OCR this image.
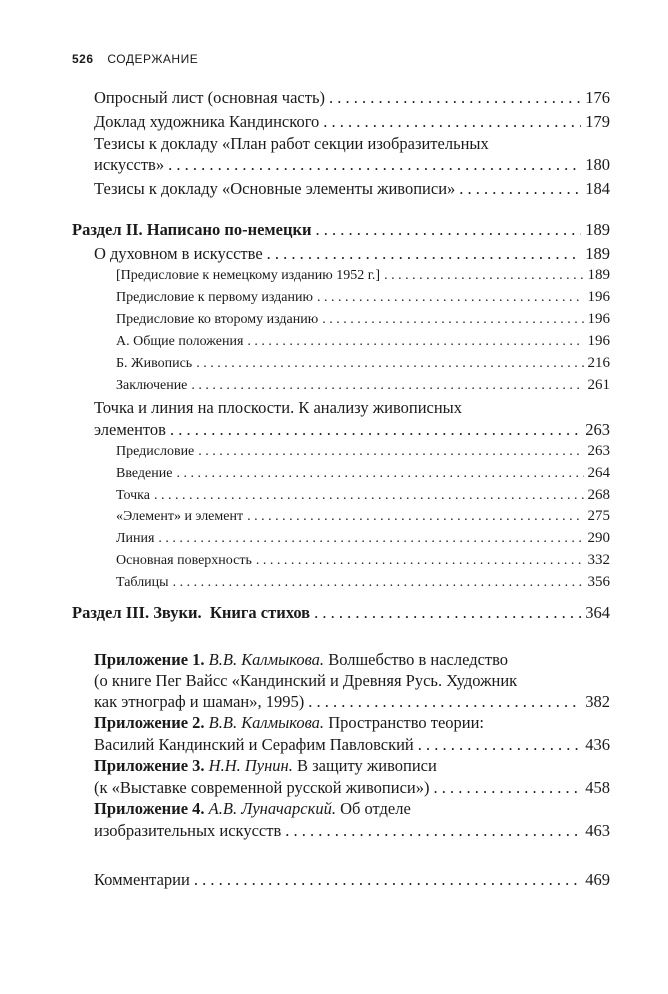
526 СОДЕРЖАНИЕ
Опросный лист (основная часть) . . .	176
Доклад художника Кандинского . . .	179
Тезисы к докладу «План работ секции изобразительных
искусств» . . .	180
Тезисы к докладу «Основные элементы живописи» . . .	184
Раздел II. Написано по-немецки . . .	189
О духовном в искусстве . . .	189
[Предисловие к немецкому изданию 1952 г.] . . .	189
Предисловие к первому изданию . . .	196
Предисловие ко второму изданию . . .	196
А. Общие положения . . .	196
Б. Живопись . . .	216
Заключение . . .	261
Точка и линия на плоскости. К анализу живописных
элементов . . .	263
Предисловие . . .	263
Введение . . .	264
Точка . . .	268
«Элемент» и элемент . . .	275
Линия . . .	290
Основная поверхность . . .	332
Таблицы . . .	356
Раздел III. Звуки.  Книга стихов . . .	364
Приложение 1. В.В. Калмыкова. Волшебство в наследство
(о книге Пег Вайсс «Кандинский и Древняя Русь. Художник
как этнограф и шаман», 1995) . . .	382
Приложение 2. В.В. Калмыкова. Пространство теории:
Василий Кандинский и Серафим Павловский . . .	436
Приложение 3. Н.Н. Пунин. В защиту живописи
(к «Выставке современной русской живописи») . . .	458
Приложение 4. А.В. Луначарский. Об отделе
изобразительных искусств . . .	463
Комментарии . . .	469
